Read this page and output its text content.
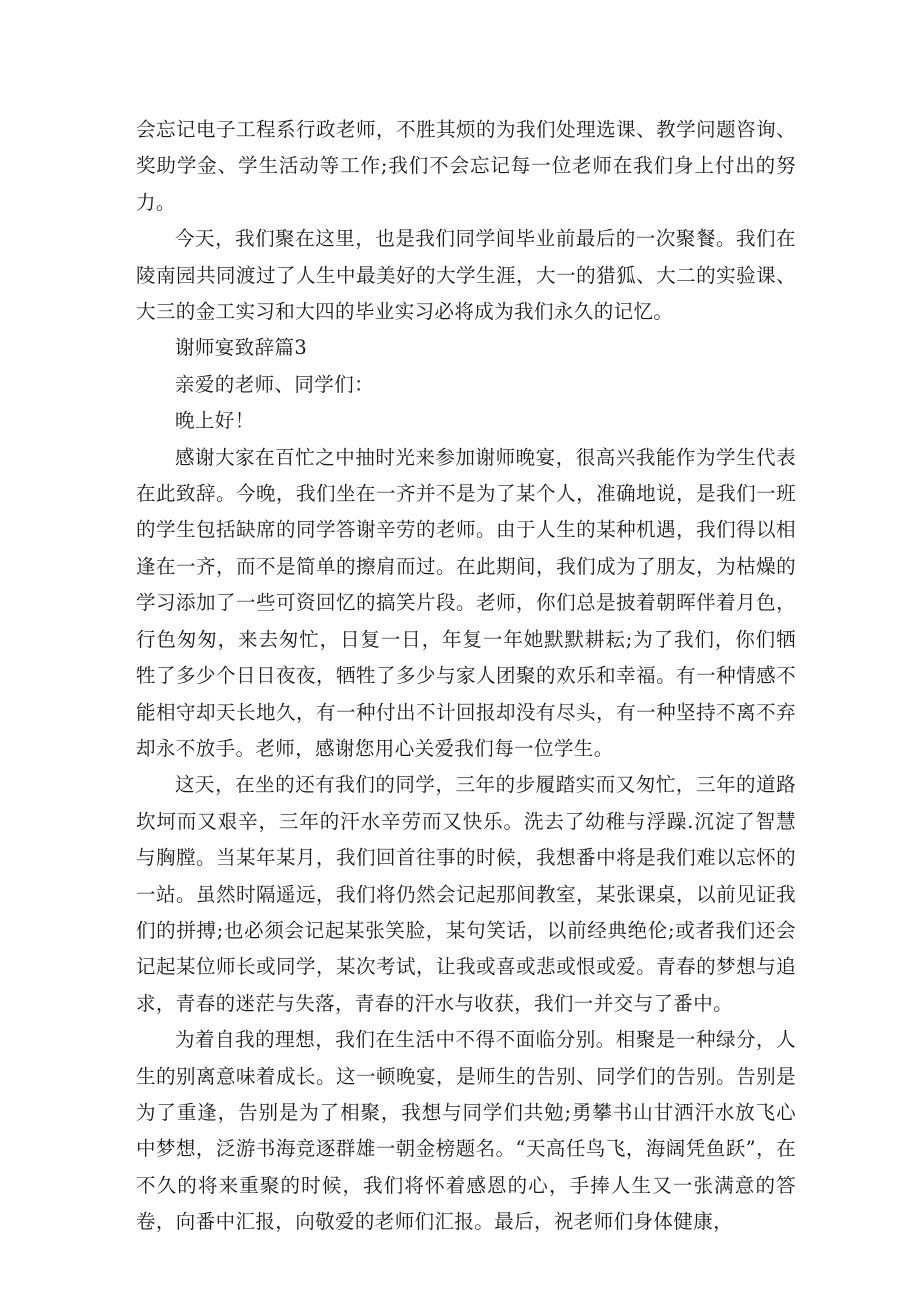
会忘记电子工程系行政老师，不胜其烦的为我们处理选课、教学问题咨询、奖助学金、学生活动等工作;我们不会忘记每一位老师在我们身上付出的努力。

今天，我们聚在这里，也是我们同学间毕业前最后的一次聚餐。我们在陵南园共同渡过了人生中最美好的大学生涯，大一的猎狐、大二的实验课、大三的金工实习和大四的毕业实习必将成为我们永久的记忆。

谢师宴致辞篇3

亲爱的老师、同学们：

晚上好！

感谢大家在百忙之中抽时光来参加谢师晚宴，很高兴我能作为学生代表在此致辞。今晚，我们坐在一齐并不是为了某个人，准确地说，是我们一班的学生包括缺席的同学答谢辛劳的老师。由于人生的某种机遇，我们得以相逢在一齐，而不是简单的擦肩而过。在此期间，我们成为了朋友，为枯燥的学习添加了一些可资回忆的搞笑片段。老师，你们总是披着朝晖伴着月色，行色匆匆，来去匆忙，日复一日，年复一年她默默耕耘;为了我们，你们牺牲了多少个日日夜夜，牺牲了多少与家人团聚的欢乐和幸福。有一种情感不能相守却天长地久，有一种付出不计回报却没有尽头，有一种坚持不离不弃却永不放手。老师，感谢您用心关爱我们每一位学生。

这天，在坐的还有我们的同学，三年的步履踏实而又匆忙，三年的道路坎坷而又艰辛，三年的汗水辛劳而又快乐。洗去了幼稚与浮躁.沉淀了智慧与胸膛。当某年某月，我们回首往事的时候，我想番中将是我们难以忘怀的一站。虽然时隔遥远，我们将仍然会记起那间教室，某张课桌，以前见证我们的拼搏;也必须会记起某张笑脸，某句笑话，以前经典绝伦;或者我们还会记起某位师长或同学，某次考试，让我或喜或悲或恨或爱。青春的梦想与追求，青春的迷茫与失落，青春的汗水与收获，我们一并交与了番中。

为着自我的理想，我们在生活中不得不面临分别。相聚是一种绿分，人生的别离意味着成长。这一顿晚宴，是师生的告别、同学们的告别。告别是为了重逢，告别是为了相聚，我想与同学们共勉;勇攀书山甘洒汗水放飞心中梦想，泛游书海竞逐群雄一朝金榜题名。“天高任鸟飞，海阔凭鱼跃”，在不久的将来重聚的时候，我们将怀着感恩的心，手捧人生又一张满意的答卷，向番中汇报，向敬爱的老师们汇报。最后，祝老师们身体健康，
